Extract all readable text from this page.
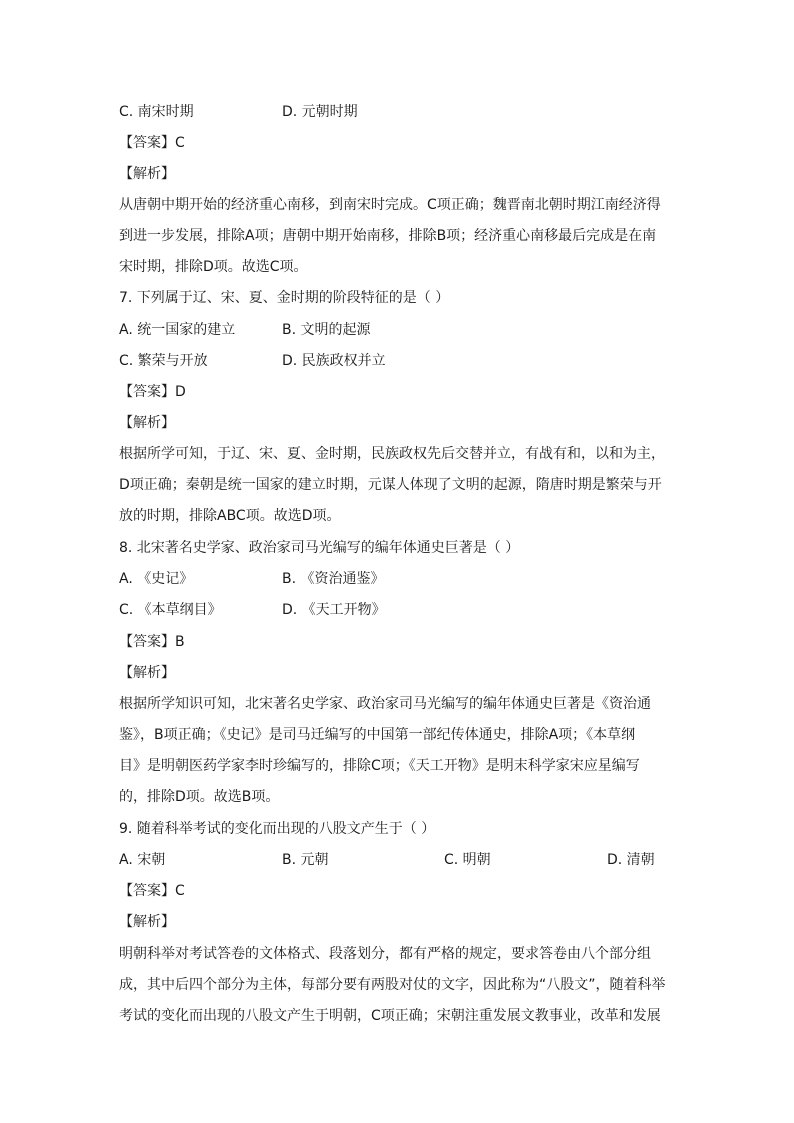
C. 南宋时期	D. 元朝时期
【答案】C
【解析】
从唐朝中期开始的经济重心南移，到南宋时完成。C项正确；魏晋南北朝时期江南经济得
到进一步发展，排除A项；唐朝中期开始南移，排除B项；经济重心南移最后完成是在南
宋时期，排除D项。故选C项。
7. 下列属于辽、宋、夏、金时期的阶段特征的是（ ）
A. 统一国家的建立	B. 文明的起源
C. 繁荣与开放	D. 民族政权并立
【答案】D
【解析】
根据所学可知，于辽、宋、夏、金时期，民族政权先后交替并立，有战有和，以和为主，
D项正确；秦朝是统一国家的建立时期，元谋人体现了文明的起源，隋唐时期是繁荣与开
放的时期，排除ABC项。故选D项。
8. 北宋著名史学家、政治家司马光编写的编年体通史巨著是（ ）
A. 《史记》	B. 《资治通鉴》
C. 《本草纲目》	D. 《天工开物》
【答案】B
【解析】
根据所学知识可知，北宋著名史学家、政治家司马光编写的编年体通史巨著是《资治通
鉴》，B项正确；《史记》是司马迁编写的中国第一部纪传体通史，排除A项；《本草纲
目》是明朝医药学家李时珍编写的，排除C项；《天工开物》是明末科学家宋应星编写
的，排除D项。故选B项。
9. 随着科举考试的变化而出现的八股文产生于（ ）
A. 宋朝	B. 元朝	C. 明朝	D. 清朝
【答案】C
【解析】
明朝科举对考试答卷的文体格式、段落划分，都有严格的规定，要求答卷由八个部分组
成，其中后四个部分为主体，每部分要有两股对仗的文字，因此称为“八股文”，随着科举
考试的变化而出现的八股文产生于明朝，C项正确；宋朝注重发展文教事业，改革和发展
